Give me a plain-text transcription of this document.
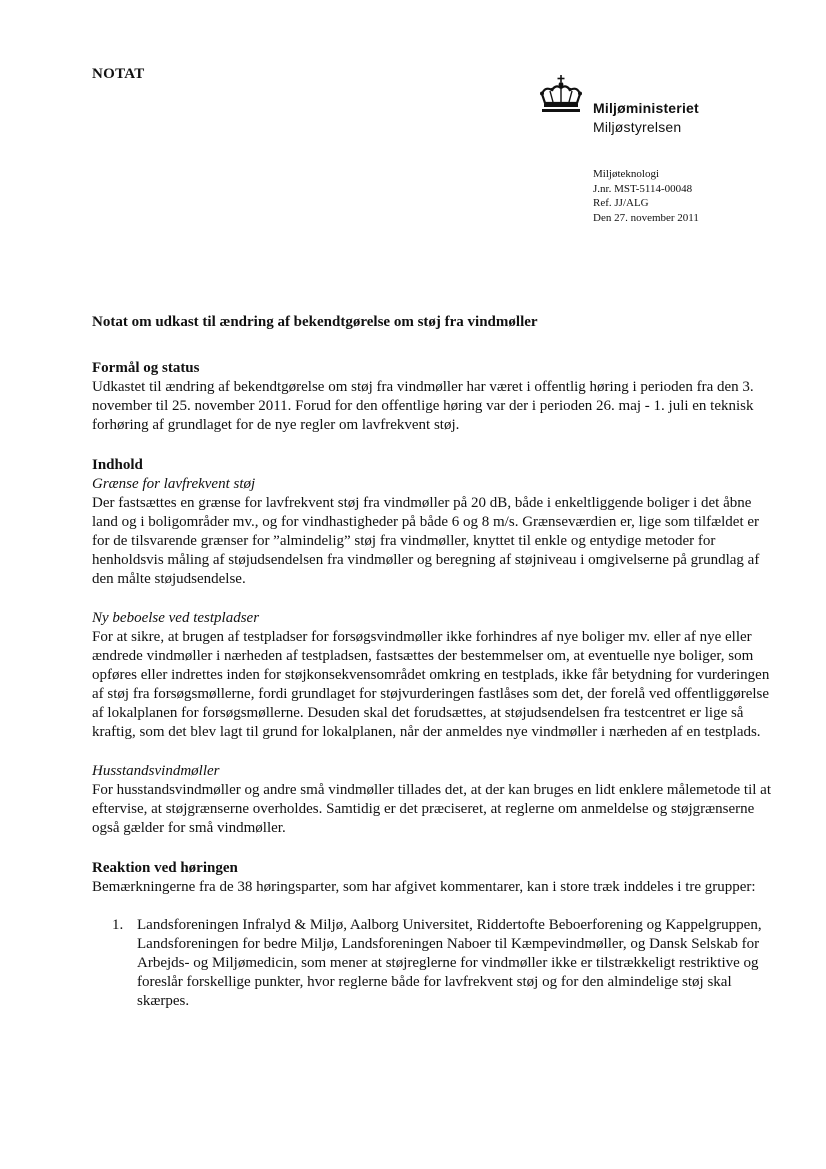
NOTAT
Miljøministeriet
Miljøstyrelsen
Miljøteknologi
J.nr. MST-5114-00048
Ref. JJ/ALG
Den 27. november 2011

Notat om udkast til ændring af bekendtgørelse om støj fra vindmøller

Formål og status

Udkastet til ændring af bekendtgørelse om støj fra vindmøller har været i offentlig høring i perioden fra den 3. november til 25. november 2011. Forud for den offentlige høring var der i perioden 26. maj - 1. juli en teknisk forhøring af grundlaget for de nye regler om lavfrekvent støj.

Indhold

Grænse for lavfrekvent støj

Der fastsættes en grænse for lavfrekvent støj fra vindmøller på 20 dB, både i enkeltliggende boliger i det åbne land og i boligområder mv., og for vindhastigheder på både 6 og 8 m/s. Grænseværdien er, lige som tilfældet er for de tilsvarende grænser for ”almindelig” støj fra vindmøller, knyttet til enkle og entydige metoder for henholdsvis måling af støjudsendelsen fra vindmøller og beregning af støjniveau i omgivelserne på grundlag af den målte støjudsendelse.

Ny beboelse ved testpladser

For at sikre, at brugen af testpladser for forsøgsvindmøller ikke forhindres af nye boliger mv. eller af nye eller ændrede vindmøller i nærheden af testpladsen, fastsættes der bestemmelser om, at eventuelle nye boliger, som opføres eller indrettes inden for støjkonsekvensområdet omkring en testplads, ikke får betydning for vurderingen af støj fra forsøgsmøllerne, fordi grundlaget for støjvurderingen fastlåses som det, der forelå ved offentliggørelse af lokalplanen for forsøgsmøllerne. Desuden skal det forudsættes, at støjudsendelsen fra testcentret er lige så kraftig, som det blev lagt til grund for lokalplanen, når der anmeldes nye vindmøller i nærheden af en testplads.

Husstandsvindmøller

For husstandsvindmøller og andre små vindmøller tillades det, at der kan bruges en lidt enklere målemetode til at eftervise, at støjgrænserne overholdes. Samtidig er det præciseret, at reglerne om anmeldelse og støjgrænserne også gælder for små vindmøller.

Reaktion ved høringen

Bemærkningerne fra de 38 høringsparter, som har afgivet kommentarer, kan i store træk inddeles i tre grupper:

1. Landsforeningen Infralyd & Miljø, Aalborg Universitet, Riddertofte Beboerforening og Kappelgruppen, Landsforeningen for bedre Miljø, Landsforeningen Naboer til Kæmpevindmøller, og Dansk Selskab for Arbejds- og Miljømedicin, som mener at støjreglerne for vindmøller ikke er tilstrækkeligt restriktive og foreslår forskellige punkter, hvor reglerne både for lavfrekvent støj og for den almindelige støj skal skærpes.
